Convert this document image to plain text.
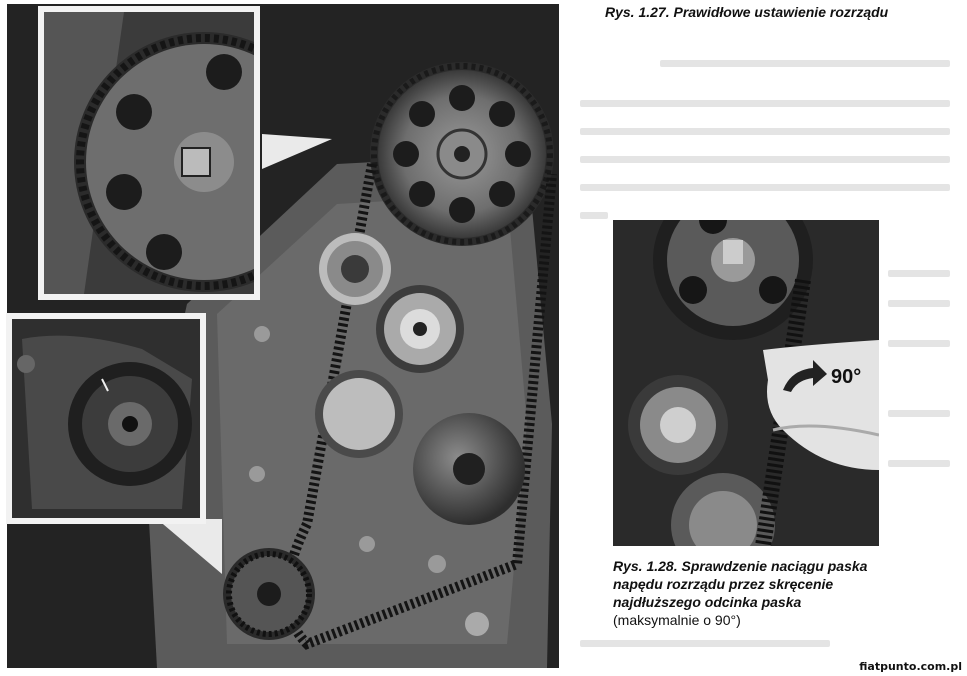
90°
Rys. 1.27. Prawidłowe ustawienie rozrządu
Rys. 1.28. Sprawdzenie naciągu paska napędu rozrządu przez skręcenie najdłuższego odcinka paska
(maksymalnie o 90°)
fiatpunto.com.pl
